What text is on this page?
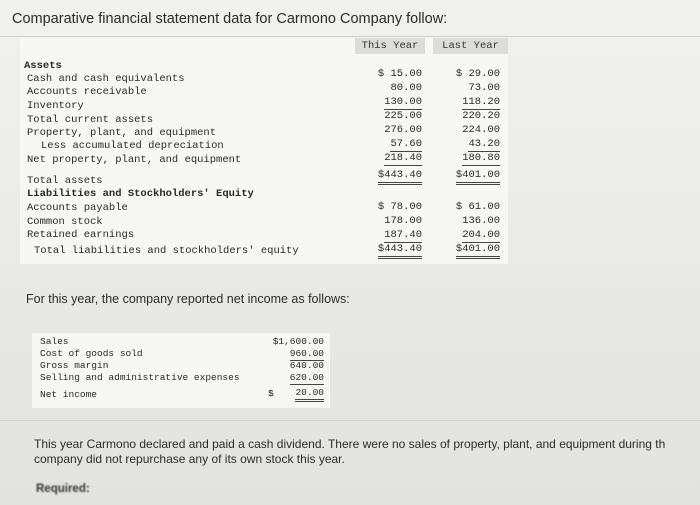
Comparative financial statement data for Carmono Company follow:
This Year	Last Year
Assets
Cash and cash equivalents
Accounts receivable
Inventory
Total current assets
Property, plant, and equipment
Less accumulated depreciation
Net property, plant, and equipment
Total assets
Liabilities and Stockholders' Equity
Accounts payable
Common stock
Retained earnings
Total liabilities and stockholders' equity
$ 15.00
80.00
130.00
225.00
276.00
57.60
218.40
$443.40
$ 78.00
178.00
187.40
$443.40
$ 29.00
73.00
118.20
220.20
224.00
43.20
180.80
$401.00
$ 61.00
136.00
204.00
$401.00
For this year, the company reported net income as follows:
Sales
Cost of goods sold
Gross margin
Selling and administrative expenses
Net income
$1,600.00
960.00
640.00
620.00
20.00
$
This year Carmono declared and paid a cash dividend. There were no sales of property, plant, and equipment during th
company did not repurchase any of its own stock this year.
Required:
